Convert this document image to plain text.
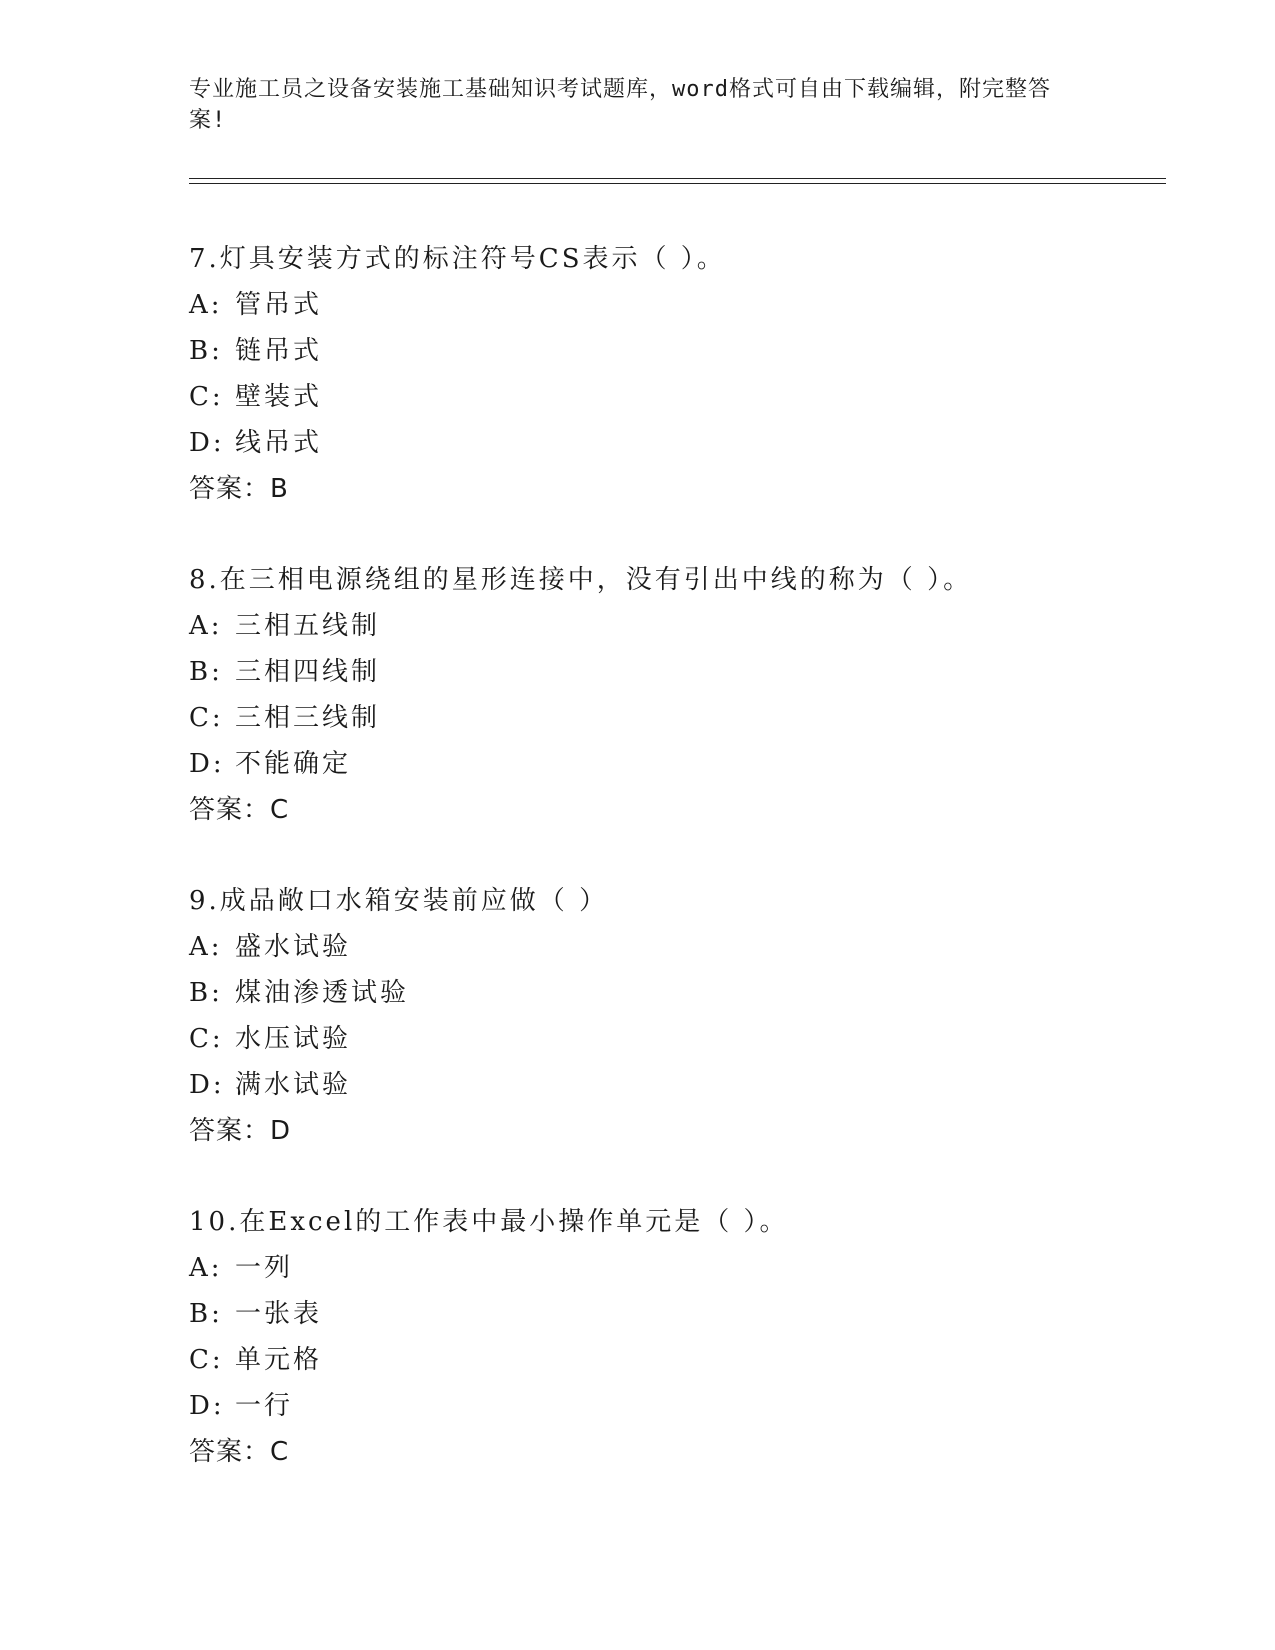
专业施工员之设备安装施工基础知识考试题库，word格式可自由下载编辑，附完整答案!
7.灯具安装方式的标注符号CS表示（ ）。
A: 管吊式
B: 链吊式
C: 壁装式
D: 线吊式
答案：B
8.在三相电源绕组的星形连接中，没有引出中线的称为（ ）。
A: 三相五线制
B: 三相四线制
C: 三相三线制
D: 不能确定
答案：C
9.成品敞口水箱安装前应做（ ）
A: 盛水试验
B: 煤油渗透试验
C: 水压试验
D: 满水试验
答案：D
10.在Excel的工作表中最小操作单元是（ ）。
A: 一列
B: 一张表
C: 单元格
D: 一行
答案：C
